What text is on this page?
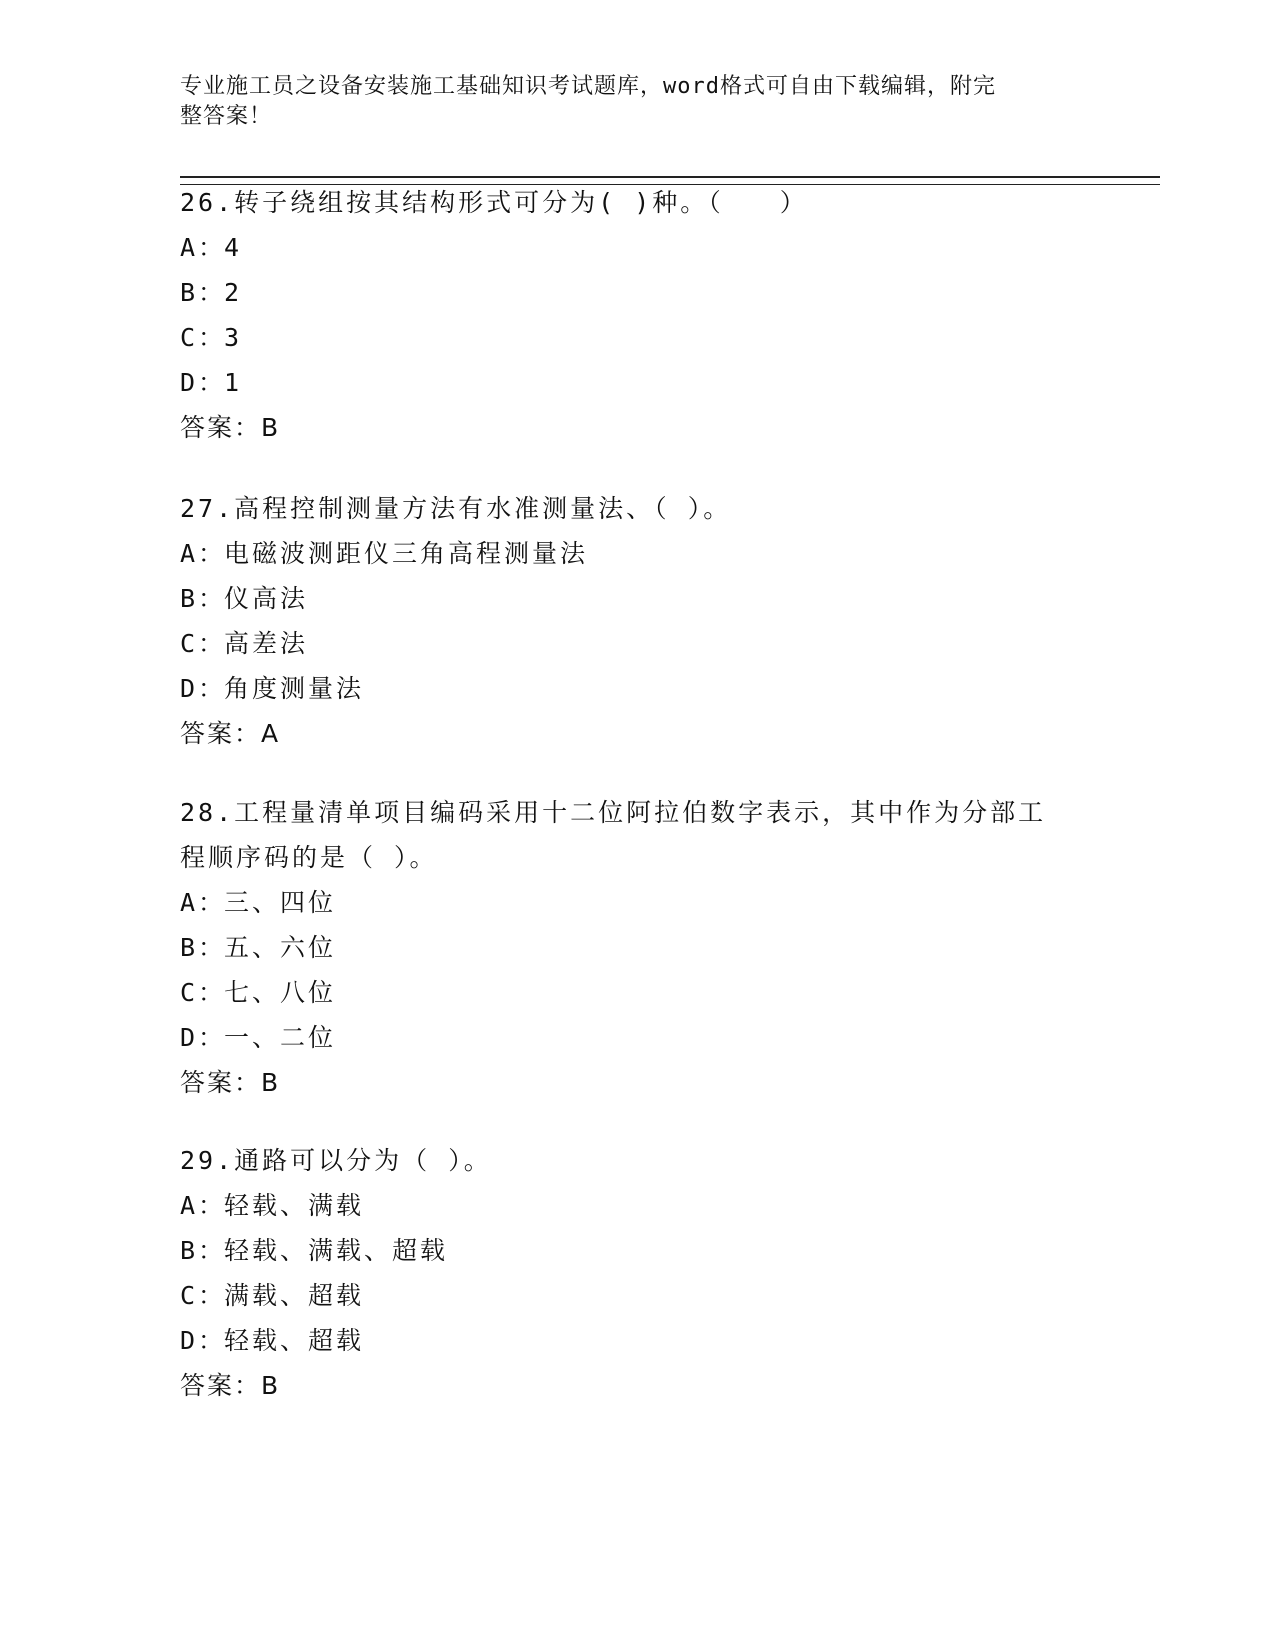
专业施工员之设备安装施工基础知识考试题库，word格式可自由下载编辑，附完
整答案！
26.转子绕组按其结构形式可分为( )种。（　　）
A：4
B：2
C：3
D：1
答案：B
27.高程控制测量方法有水准测量法、（ ）。
A：电磁波测距仪三角高程测量法
B：仪高法
C：高差法
D：角度测量法
答案：A
28.工程量清单项目编码采用十二位阿拉伯数字表示，其中作为分部工
程顺序码的是（ ）。
A：三、四位
B：五、六位
C：七、八位
D：一、二位
答案：B
29.通路可以分为（ ）。
A：轻载、满载
B：轻载、满载、超载
C：满载、超载
D：轻载、超载
答案：B
